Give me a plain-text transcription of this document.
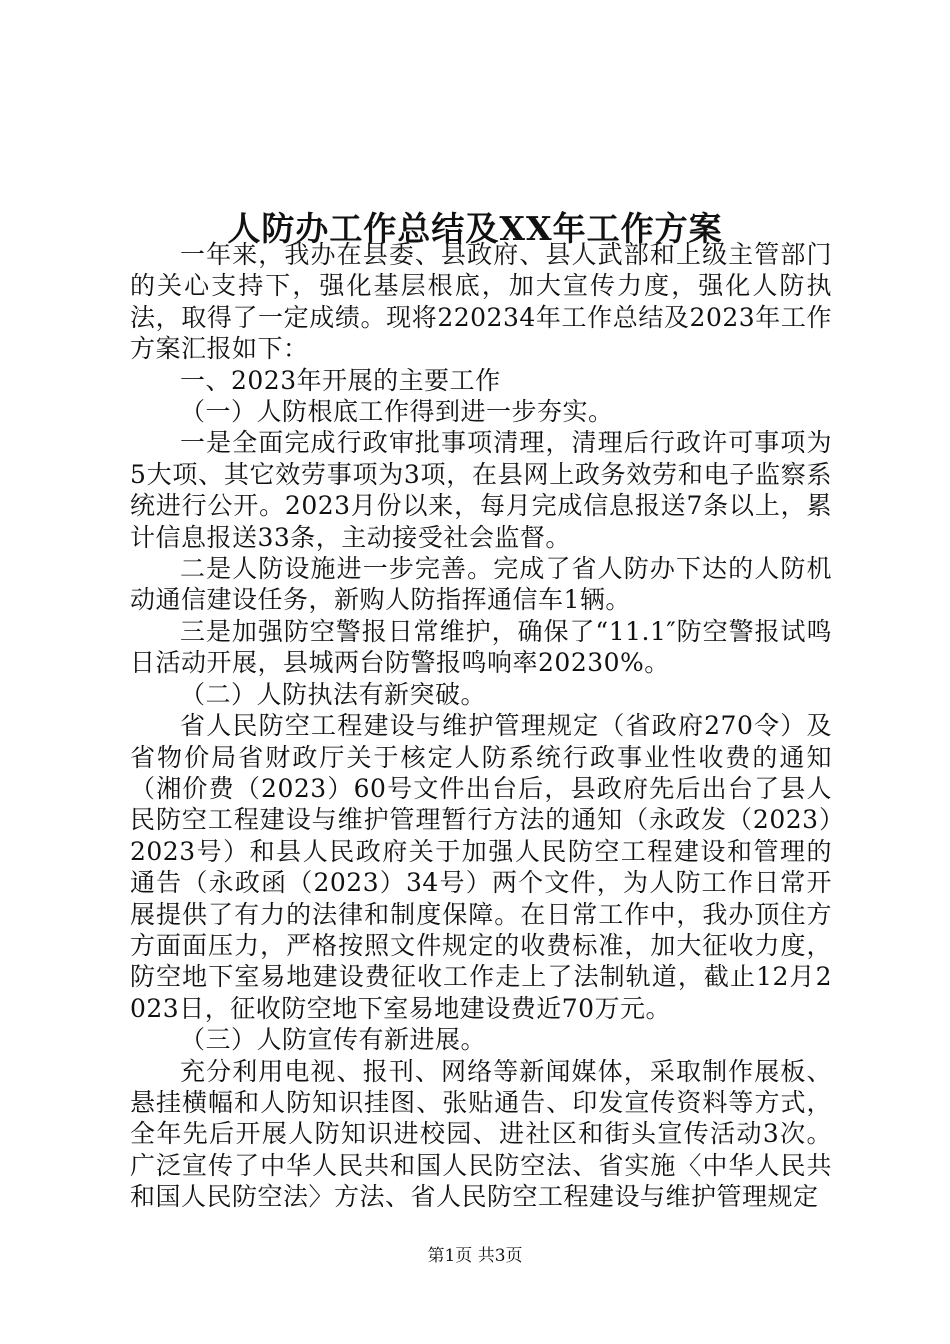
人防办工作总结及XX年工作方案

一年来，我办在县委、县政府、县人武部和上级主管部门的关心支持下，强化基层根底，加大宣传力度，强化人防执法，取得了一定成绩。现将220234年工作总结及2023年工作方案汇报如下：

一、2023年开展的主要工作

（一）人防根底工作得到进一步夯实。

一是全面完成行政审批事项清理，清理后行政许可事项为5大项、其它效劳事项为3项，在县网上政务效劳和电子监察系统进行公开。2023月份以来，每月完成信息报送7条以上，累计信息报送33条，主动接受社会监督。

二是人防设施进一步完善。完成了省人防办下达的人防机动通信建设任务，新购人防指挥通信车1辆。

三是加强防空警报日常维护，确保了“11.1″防空警报试鸣日活动开展，县城两台防警报鸣响率20230%。

（二）人防执法有新突破。

省人民防空工程建设与维护管理规定（省政府270令）及省物价局省财政厅关于核定人防系统行政事业性收费的通知（湘价费（2023）60号文件出台后，县政府先后出台了县人民防空工程建设与维护管理暂行方法的通知（永政发（2023）2023号）和县人民政府关于加强人民防空工程建设和管理的通告（永政函（2023）34号）两个文件，为人防工作日常开展提供了有力的法律和制度保障。在日常工作中，我办顶住方方面面压力，严格按照文件规定的收费标准，加大征收力度，防空地下室易地建设费征收工作走上了法制轨道，截止12月2023日，征收防空地下室易地建设费近70万元。

（三）人防宣传有新进展。

充分利用电视、报刊、网络等新闻媒体，采取制作展板、悬挂横幅和人防知识挂图、张贴通告、印发宣传资料等方式，全年先后开展人防知识进校园、进社区和街头宣传活动3次。广泛宣传了中华人民共和国人民防空法、省实施〈中华人民共和国人民防空法〉方法、省人民防空工程建设与维护管理规定

第1页 共3页
